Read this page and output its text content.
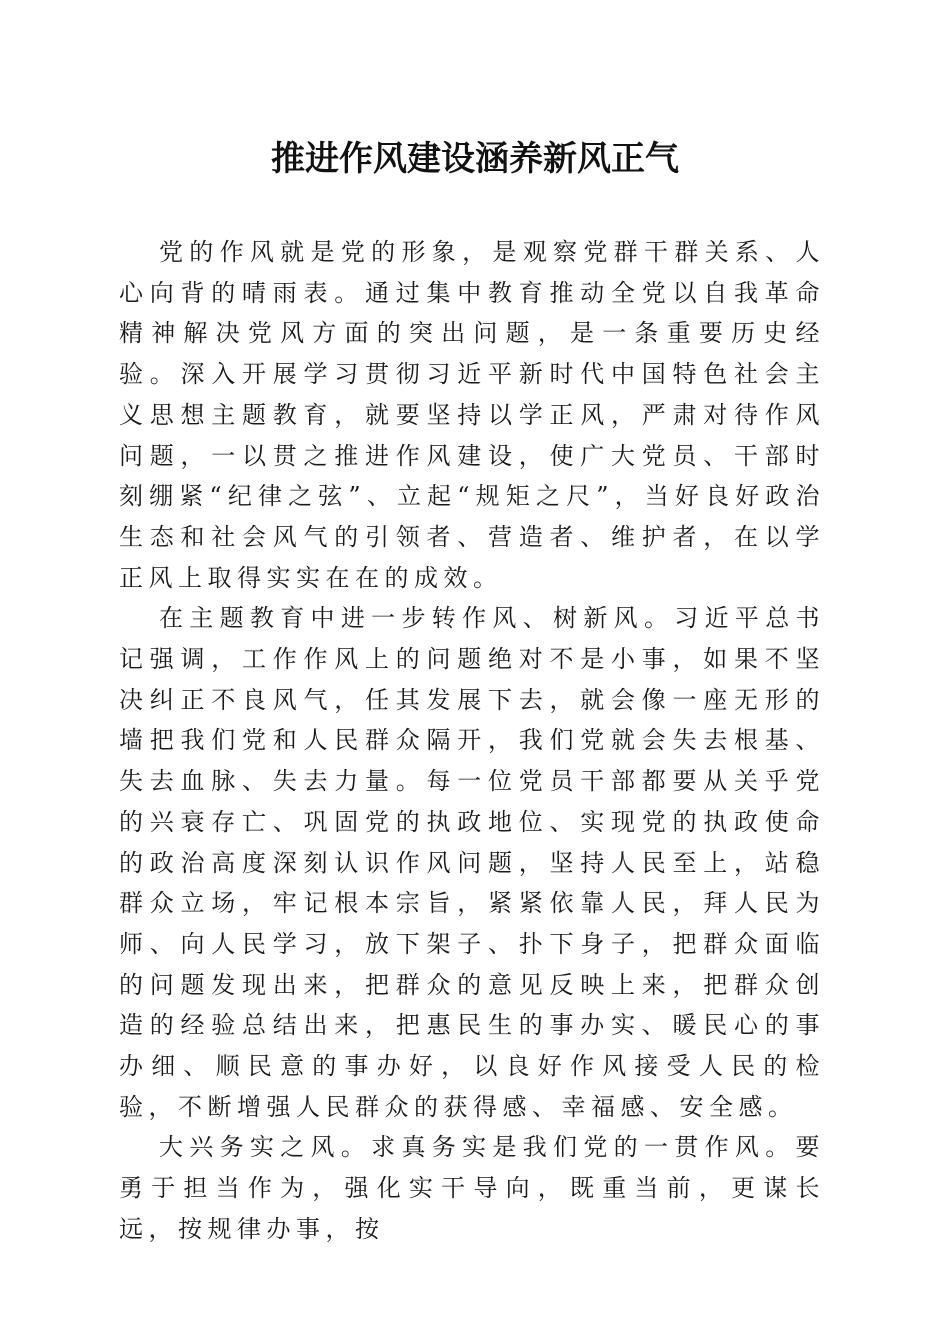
推进作风建设涵养新风正气

党的作风就是党的形象，是观察党群干群关系、人心向背的晴雨表。通过集中教育推动全党以自我革命精神解决党风方面的突出问题，是一条重要历史经验。深入开展学习贯彻习近平新时代中国特色社会主义思想主题教育，就要坚持以学正风，严肃对待作风问题，一以贯之推进作风建设，使广大党员、干部时刻绷紧“纪律之弦”、立起“规矩之尺”，当好良好政治生态和社会风气的引领者、营造者、维护者，在以学正风上取得实实在在的成效。

在主题教育中进一步转作风、树新风。习近平总书记强调，工作作风上的问题绝对不是小事，如果不坚决纠正不良风气，任其发展下去，就会像一座无形的墙把我们党和人民群众隔开，我们党就会失去根基、失去血脉、失去力量。每一位党员干部都要从关乎党的兴衰存亡、巩固党的执政地位、实现党的执政使命的政治高度深刻认识作风问题，坚持人民至上，站稳群众立场，牢记根本宗旨，紧紧依靠人民，拜人民为师、向人民学习，放下架子、扑下身子，把群众面临的问题发现出来，把群众的意见反映上来，把群众创造的经验总结出来，把惠民生的事办实、暖民心的事办细、顺民意的事办好，以良好作风接受人民的检验，不断增强人民群众的获得感、幸福感、安全感。

大兴务实之风。求真务实是我们党的一贯作风。要勇于担当作为，强化实干导向，既重当前，更谋长远，按规律办事，按
